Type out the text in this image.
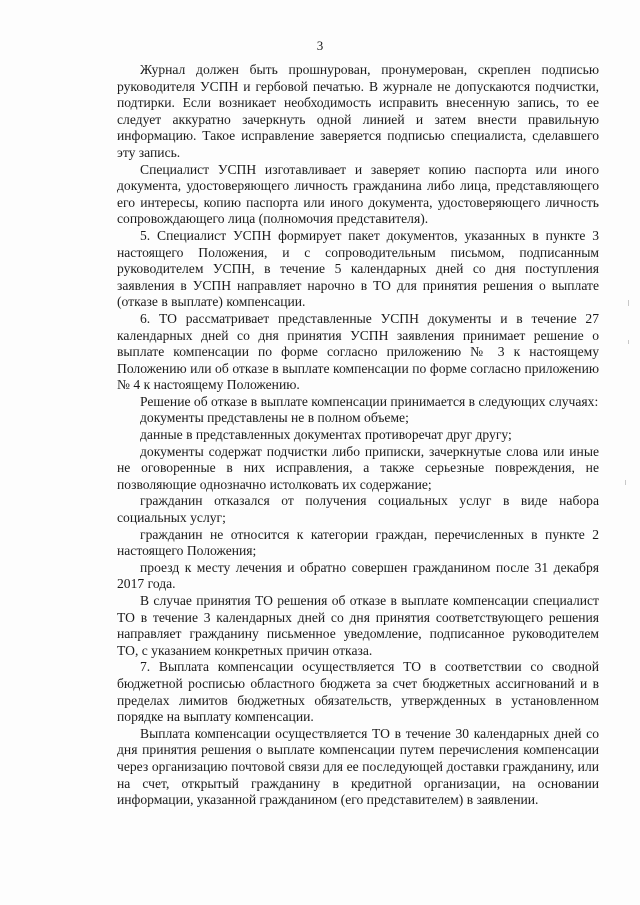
3

Журнал должен быть прошнурован, пронумерован, скреплен подписью руководителя УСПН и гербовой печатью. В журнале не допускаются подчистки, подтирки. Если возникает необходимость исправить внесенную запись, то ее следует аккуратно зачеркнуть одной линией и затем внести правильную информацию. Такое исправление заверяется подписью специалиста, сделавшего эту запись.

Специалист УСПН изготавливает и заверяет копию паспорта или иного документа, удостоверяющего личность гражданина либо лица, представляющего его интересы, копию паспорта или иного документа, удостоверяющего личность сопровождающего лица (полномочия представителя).

5. Специалист УСПН формирует пакет документов, указанных в пункте 3 настоящего Положения, и с сопроводительным письмом, подписанным руководителем УСПН, в течение 5 календарных дней со дня поступления заявления в УСПН направляет нарочно в ТО для принятия решения о выплате (отказе в выплате) компенсации.

6. ТО рассматривает представленные УСПН документы и в течение 27 календарных дней со дня принятия УСПН заявления принимает решение о выплате компенсации по форме согласно приложению № 3 к настоящему Положению или об отказе в выплате компенсации по форме согласно приложению № 4 к настоящему Положению.

Решение об отказе в выплате компенсации принимается в следующих случаях:

документы представлены не в полном объеме;

данные в представленных документах противоречат друг другу;

документы содержат подчистки либо приписки, зачеркнутые слова или иные не оговоренные в них исправления, а также серьезные повреждения, не позволяющие однозначно истолковать их содержание;

гражданин отказался от получения социальных услуг в виде набора социальных услуг;

гражданин не относится к категории граждан, перечисленных в пункте 2 настоящего Положения;

проезд к месту лечения и обратно совершен гражданином после 31 декабря 2017 года.

В случае принятия ТО решения об отказе в выплате компенсации специалист ТО в течение 3 календарных дней со дня принятия соответствующего решения направляет гражданину письменное уведомление, подписанное руководителем ТО, с указанием конкретных причин отказа.

7. Выплата компенсации осуществляется ТО в соответствии со сводной бюджетной росписью областного бюджета за счет бюджетных ассигнований и в пределах лимитов бюджетных обязательств, утвержденных в установленном порядке на выплату компенсации.

Выплата компенсации осуществляется ТО в течение 30 календарных дней со дня принятия решения о выплате компенсации путем перечисления компенсации через организацию почтовой связи для ее последующей доставки гражданину, или на счет, открытый гражданину в кредитной организации, на основании информации, указанной гражданином (его представителем) в заявлении.
